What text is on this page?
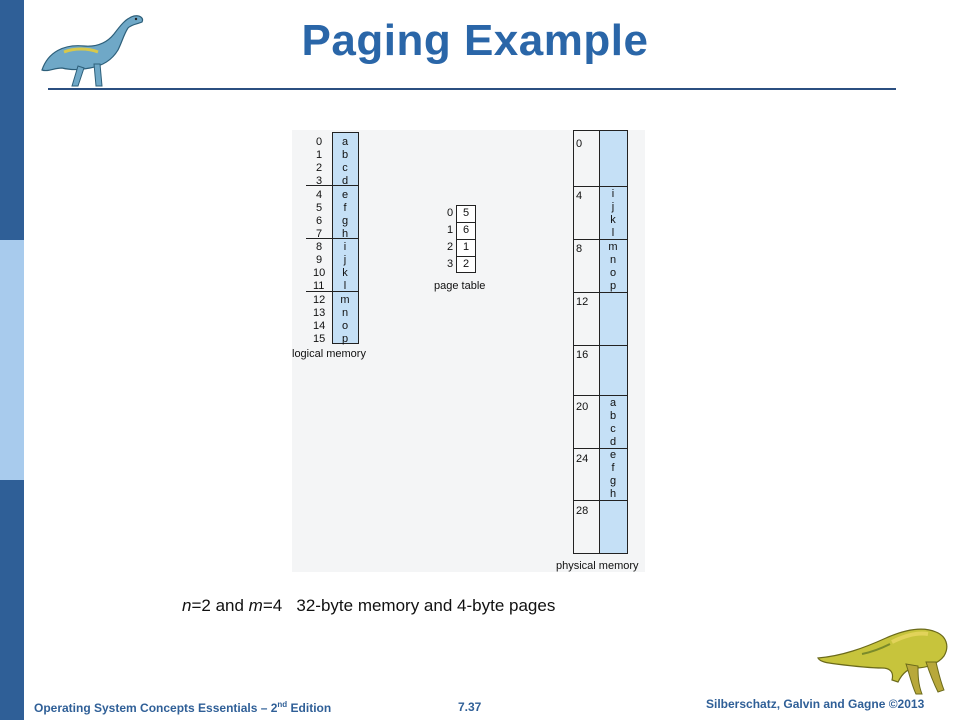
Paging Example
0
1
2
3
4
5
6
7
8
9
10
11
12
13
14
15
a
b
c
d
e
f
g
h
i
j
k
l
m
n
o
p
logical memory
0
1
2
3
5
6
1
2
page table
0
4
8
12
16
20
24
28
i
j
k
l
m
n
o
p
a
b
c
d
e
f
g
h
physical memory
n=2 and m=4   32-byte memory and 4-byte pages
Operating System Concepts Essentials – 2nd Edition	7.37	Silberschatz, Galvin and Gagne ©2013
